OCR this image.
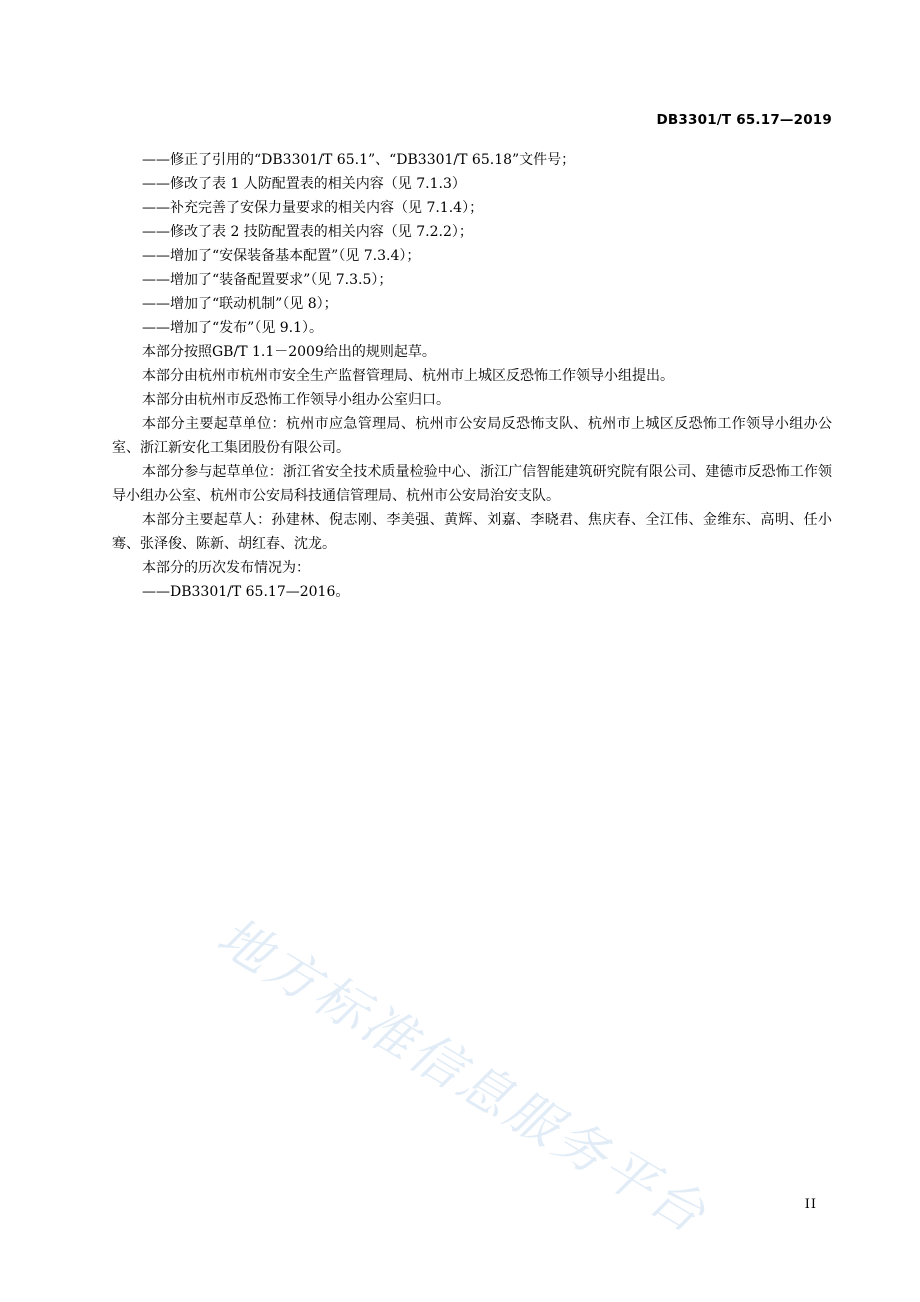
DB3301/T 65.17—2019

——修正了引用的“DB3301/T 65.1”、“DB3301/T 65.18”文件号；

——修改了表 1 人防配置表的相关内容（见 7.1.3）

——补充完善了安保力量要求的相关内容（见 7.1.4）；

——修改了表 2 技防配置表的相关内容（见 7.2.2）；

——增加了“安保装备基本配置”（见 7.3.4）；

——增加了“装备配置要求”（见 7.3.5）；

——增加了“联动机制”（见 8）；

——增加了“发布”（见 9.1）。

本部分按照GB/T 1.1－2009给出的规则起草。

本部分由杭州市杭州市安全生产监督管理局、杭州市上城区反恐怖工作领导小组提出。

本部分由杭州市反恐怖工作领导小组办公室归口。

本部分主要起草单位：杭州市应急管理局、杭州市公安局反恐怖支队、杭州市上城区反恐怖工作领导小组办公室、浙江新安化工集团股份有限公司。

本部分参与起草单位：浙江省安全技术质量检验中心、浙江广信智能建筑研究院有限公司、建德市反恐怖工作领导小组办公室、杭州市公安局科技通信管理局、杭州市公安局治安支队。

本部分主要起草人：孙建林、倪志刚、李美强、黄辉、刘嘉、李晓君、焦庆春、全江伟、金维东、高明、任小骞、张泽俊、陈新、胡红春、沈龙。

本部分的历次发布情况为：

——DB3301/T 65.17—2016。

地方标准信息服务平台	II
